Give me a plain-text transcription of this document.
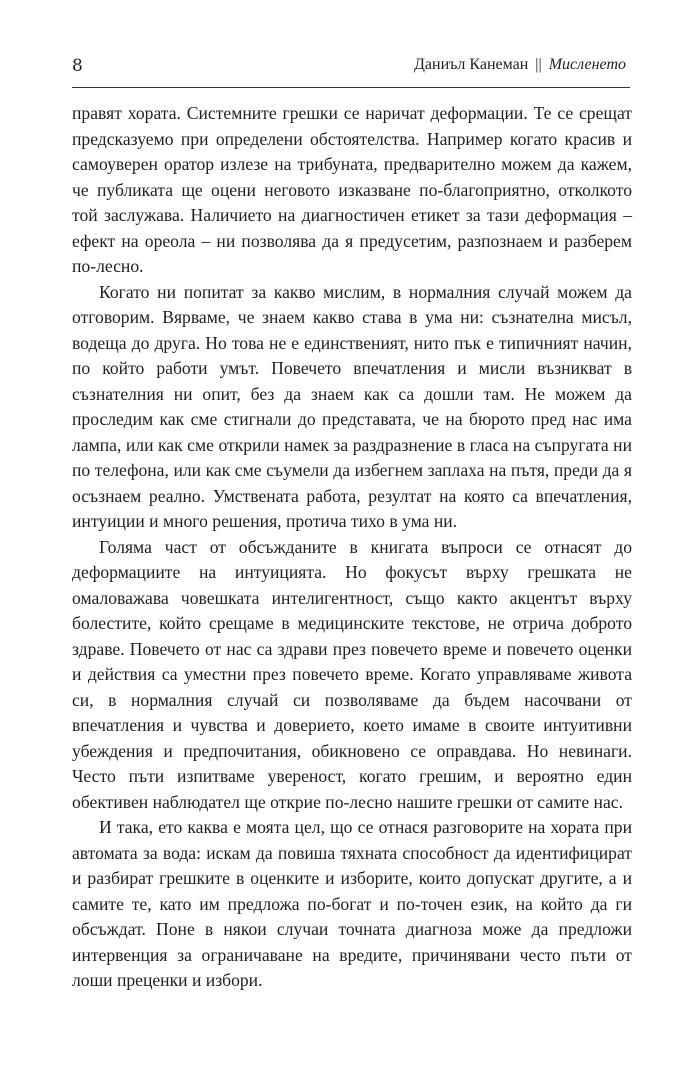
8	Даниъл Канеман || Мисленето

правят хората. Системните грешки се наричат деформации. Те се срещат предсказуемо при определени обстоятелства. Например когато красив и самоуверен оратор излезе на трибуната, предварително можем да кажем, че публиката ще оцени неговото изказване по-благоприятно, отколкото той заслужава. Наличието на диагностичен етикет за тази деформация – ефект на ореола – ни позволява да я предусетим, разпознаем и разберем по-лесно.

Когато ни попитат за какво мислим, в нормалния случай можем да отговорим. Вярваме, че знаем какво става в ума ни: съзнателна мисъл, водеща до друга. Но това не е единственият, нито пък е типичният начин, по който работи умът. Повечето впечатления и мисли възникват в съзнателния ни опит, без да знаем как са дошли там. Не можем да проследим как сме стигнали до представата, че на бюрото пред нас има лампа, или как сме открили намек за раздразнение в гласа на съпругата ни по телефона, или как сме съумели да избегнем заплаха на пътя, преди да я осъзнаем реално. Умствената работа, резултат на която са впечатления, интуиции и много решения, протича тихо в ума ни.

Голяма част от обсъжданите в книгата въпроси се отнасят до деформациите на интуицията. Но фокусът върху грешката не омаловажава човешката интелигентност, също както акцентът върху болестите, който срещаме в медицинските текстове, не отрича доброто здраве. Повечето от нас са здрави през повечето време и повечето оценки и действия са уместни през повечето време. Когато управляваме живота си, в нормалния случай си позволяваме да бъдем насочвани от впечатления и чувства и доверието, което имаме в своите интуитивни убеждения и предпочитания, обикновено се оправдава. Но невинаги. Често пъти изпитваме увереност, когато грешим, и вероятно един обективен наблюдател ще открие по-лесно нашите грешки от самите нас.

И така, ето каква е моята цел, що се отнася разговорите на хората при автомата за вода: искам да повиша тяхната способност да идентифицират и разбират грешките в оценките и изборите, които допускат другите, а и самите те, като им предложа по-богат и по-точен език, на който да ги обсъждат. Поне в някои случаи точната диагноза може да предложи интервенция за ограничаване на вредите, причинявани често пъти от лоши преценки и избори.
